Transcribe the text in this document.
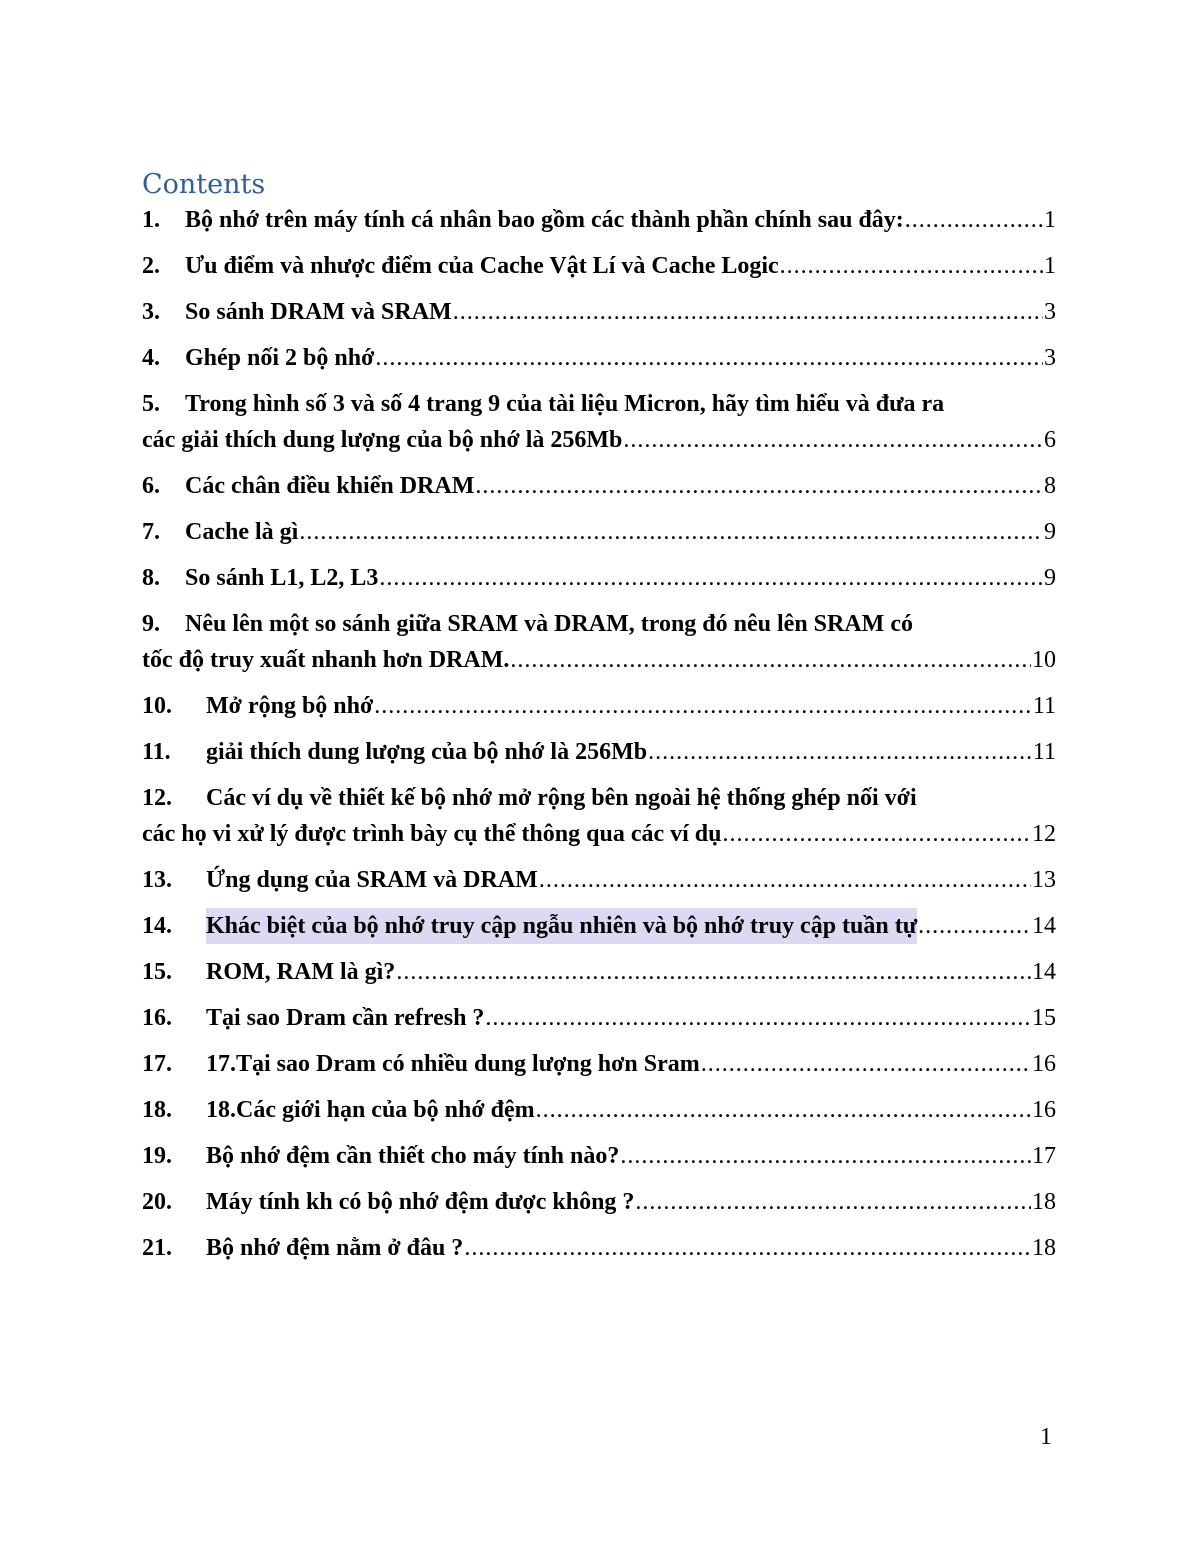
Contents
1.	Bộ nhớ trên máy tính cá nhân bao gồm các thành phần chính sau đây: .....	1
2.	Ưu điểm và nhược điểm của Cache Vật Lí và Cache Logic .....	1
3.	So sánh DRAM và SRAM .....	3
4.	Ghép nối 2 bộ nhớ .....	3
5.	Trong hình số 3 và số 4 trang 9 của tài liệu Micron, hãy tìm hiểu và đưa ra
các giải thích dung lượng của bộ nhớ là 256Mb .....	6
6.	Các chân điều khiển DRAM .....	8
7.	Cache là gì .....	9
8.	So sánh L1, L2, L3 .....	9
9.	Nêu lên một so sánh giữa SRAM và DRAM, trong đó nêu lên SRAM có
tốc độ truy xuất nhanh hơn DRAM. .....	10
10.	Mở rộng bộ nhớ .....	11
11.	giải thích dung lượng của bộ nhớ là 256Mb .....	11
12.	Các ví dụ về thiết kế bộ nhớ mở rộng bên ngoài hệ thống ghép nối với
các họ vi xử lý được trình bày cụ thể thông qua các ví dụ .....	12
13.	Ứng dụng của SRAM và DRAM .....	13
14.	Khác biệt của bộ nhớ truy cập ngẫu nhiên và bộ nhớ truy cập tuần tự .....	14
15.	ROM, RAM là gì? .....	14
16.	Tại sao Dram cần refresh ? .....	15
17.	17.Tại sao Dram có nhiều dung lượng hơn Sram .....	16
18.	18.Các giới hạn của bộ nhớ đệm .....	16
19.	Bộ nhớ đệm cần thiết cho máy tính nào? .....	17
20.	Máy tính kh có bộ nhớ đệm được không ? .....	18
21.	Bộ nhớ đệm nằm ở đâu ? .....	18
1
